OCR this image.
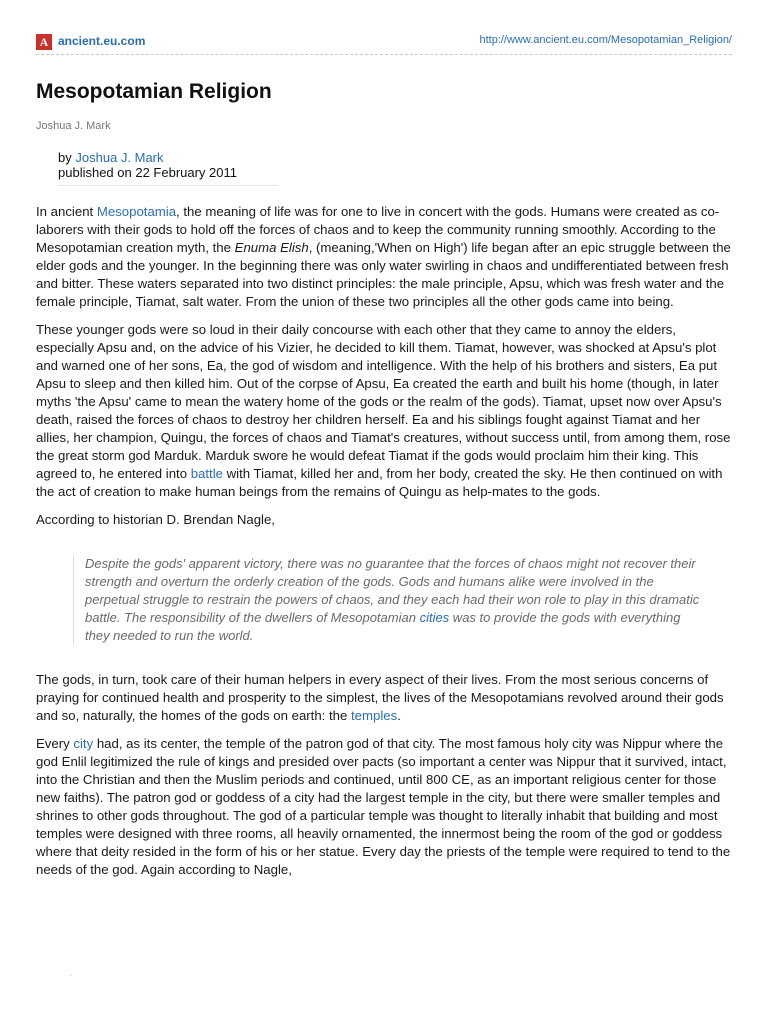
A ancient.eu.com	http://www.ancient.eu.com/Mesopotamian_Religion/
Mesopotamian Religion
Joshua J. Mark
by Joshua J. Mark
published on 22 February 2011

In ancient Mesopotamia, the meaning of life was for one to live in concert with the gods. Humans were created as co-laborers with their gods to hold off the forces of chaos and to keep the community running smoothly. According to the Mesopotamian creation myth, the Enuma Elish, (meaning,'When on High') life began after an epic struggle between the elder gods and the younger. In the beginning there was only water swirling in chaos and undifferentiated between fresh and bitter. These waters separated into two distinct principles: the male principle, Apsu, which was fresh water and the female principle, Tiamat, salt water. From the union of these two principles all the other gods came into being.

These younger gods were so loud in their daily concourse with each other that they came to annoy the elders, especially Apsu and, on the advice of his Vizier, he decided to kill them. Tiamat, however, was shocked at Apsu's plot and warned one of her sons, Ea, the god of wisdom and intelligence. With the help of his brothers and sisters, Ea put Apsu to sleep and then killed him. Out of the corpse of Apsu, Ea created the earth and built his home (though, in later myths 'the Apsu' came to mean the watery home of the gods or the realm of the gods). Tiamat, upset now over Apsu's death, raised the forces of chaos to destroy her children herself. Ea and his siblings fought against Tiamat and her allies, her champion, Quingu, the forces of chaos and Tiamat's creatures, without success until, from among them, rose the great storm god Marduk. Marduk swore he would defeat Tiamat if the gods would proclaim him their king. This agreed to, he entered into battle with Tiamat, killed her and, from her body, created the sky. He then continued on with the act of creation to make human beings from the remains of Quingu as help-mates to the gods.

According to historian D. Brendan Nagle,

Despite the gods' apparent victory, there was no guarantee that the forces of chaos might not recover their strength and overturn the orderly creation of the gods. Gods and humans alike were involved in the perpetual struggle to restrain the powers of chaos, and they each had their won role to play in this dramatic battle. The responsibility of the dwellers of Mesopotamian cities was to provide the gods with everything they needed to run the world.

The gods, in turn, took care of their human helpers in every aspect of their lives. From the most serious concerns of praying for continued health and prosperity to the simplest, the lives of the Mesopotamians revolved around their gods and so, naturally, the homes of the gods on earth: the temples.

Every city had, as its center, the temple of the patron god of that city. The most famous holy city was Nippur where the god Enlil legitimized the rule of kings and presided over pacts (so important a center was Nippur that it survived, intact, into the Christian and then the Muslim periods and continued, until 800 CE, as an important religious center for those new faiths). The patron god or goddess of a city had the largest temple in the city, but there were smaller temples and shrines to other gods throughout. The god of a particular temple was thought to literally inhabit that building and most temples were designed with three rooms, all heavily ornamented, the innermost being the room of the god or goddess where that deity resided in the form of his or her statue. Every day the priests of the temple were required to tend to the needs of the god. Again according to Nagle,
